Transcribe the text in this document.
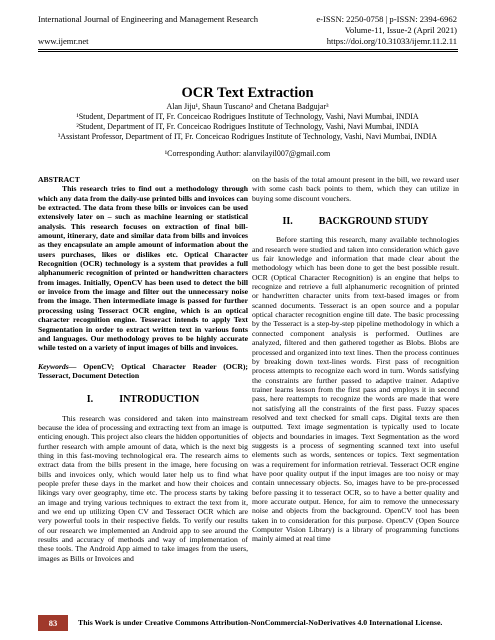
International Journal of Engineering and Management Research	e-ISSN: 2250-0758 | p-ISSN: 2394-6962
Volume-11, Issue-2 (April 2021)
www.ijemr.net	https://doi.org/10.31033/ijemr.11.2.11
OCR Text Extraction
Alan Jiju¹, Shaun Tuscano² and Chetana Badgujar³
¹Student, Department of IT, Fr. Conceicao Rodrigues Institute of Technology, Vashi, Navi Mumbai, INDIA
²Student, Department of IT, Fr. Conceicao Rodrigues Institute of Technology, Vashi, Navi Mumbai, INDIA
³Assistant Professor, Department of IT, Fr. Conceicao Rodrigues Institute of Technology, Vashi, Navi Mumbai, INDIA
¹Corresponding Author: alanvilayil007@gmail.com

ABSTRACT

This research tries to find out a methodology through which any data from the daily-use printed bills and invoices can be extracted. The data from these bills or invoices can be used extensively later on – such as machine learning or statistical analysis. This research focuses on extraction of final bill-amount, itinerary, date and similar data from bills and invoices as they encapsulate an ample amount of information about the users purchases, likes or dislikes etc. Optical Character Recognition (OCR) technology is a system that provides a full alphanumeric recognition of printed or handwritten characters from images. Initially, OpenCV has been used to detect the bill or invoice from the image and filter out the unnecessary noise from the image. Then intermediate image is passed for further processing using Tesseract OCR engine, which is an optical character recognition engine. Tesseract intends to apply Text Segmentation in order to extract written text in various fonts and languages. Our methodology proves to be highly accurate while tested on a variety of input images of bills and invoices.

Keywords— OpenCV; Optical Character Reader (OCR); Tesseract, Document Detection

I.	INTRODUCTION

This research was considered and taken into mainstream because the idea of processing and extracting text from an image is enticing enough. This project also clears the hidden opportunities of further research with ample amount of data, which is the next big thing in this fast-moving technological era. The research aims to extract data from the bills present in the image, here focusing on bills and invoices only, which would later help us to find what people prefer these days in the market and how their choices and likings vary over geography, time etc. The process starts by taking an image and trying various techniques to extract the text from it, and we end up utilizing Open CV and Tesseract OCR which are very powerful tools in their respective fields. To verify our results of our research we implemented an Android app to see around the results and accuracy of methods and way of implementation of these tools. The Android App aimed to take images from the users, images as Bills or Invoices and

on the basis of the total amount present in the bill, we reward user with some cash back points to them, which they can utilize in buying some discount vouchers.

II.	BACKGROUND STUDY

Before starting this research, many available technologies and research were studied and taken into consideration which gave us fair knowledge and information that made clear about the methodology which has been done to get the best possible result. OCR (Optical Character Recognition) is an engine that helps to recognize and retrieve a full alphanumeric recognition of printed or handwritten character units from text-based images or from scanned documents. Tesseract is an open source and a popular optical character recognition engine till date. The basic processing by the Tesseract is a step-by-step pipeline methodology in which a connected component analysis is performed. Outlines are analyzed, filtered and then gathered together as Blobs. Blobs are processed and organized into text lines. Then the process continues by breaking down text-lines words. First pass of recognition process attempts to recognize each word in turn. Words satisfying the constraints are further passed to adaptive trainer. Adaptive trainer learns lesson from the first pass and employs it in second pass, here reattempts to recognize the words are made that were not satisfying all the constraints of the first pass. Fuzzy spaces resolved and text checked for small caps. Digital texts are then outputted. Text image segmentation is typically used to locate objects and boundaries in images. Text Segmentation as the word suggests is a process of segmenting scanned text into useful elements such as words, sentences or topics. Text segmentation was a requirement for information retrieval. Tesseract OCR engine have poor quality output if the input images are too noisy or may contain unnecessary objects. So, images have to be pre-processed before passing it to tesseract OCR, so to have a better quality and more accurate output. Hence, for aim to remove the unnecessary noise and objects from the background. OpenCV tool has been taken in to consideration for this purpose. OpenCV (Open Source Computer Vision Library) is a library of programming functions mainly aimed at real time

83	This Work is under Creative Commons Attribution-NonCommercial-NoDerivatives 4.0 International License.
